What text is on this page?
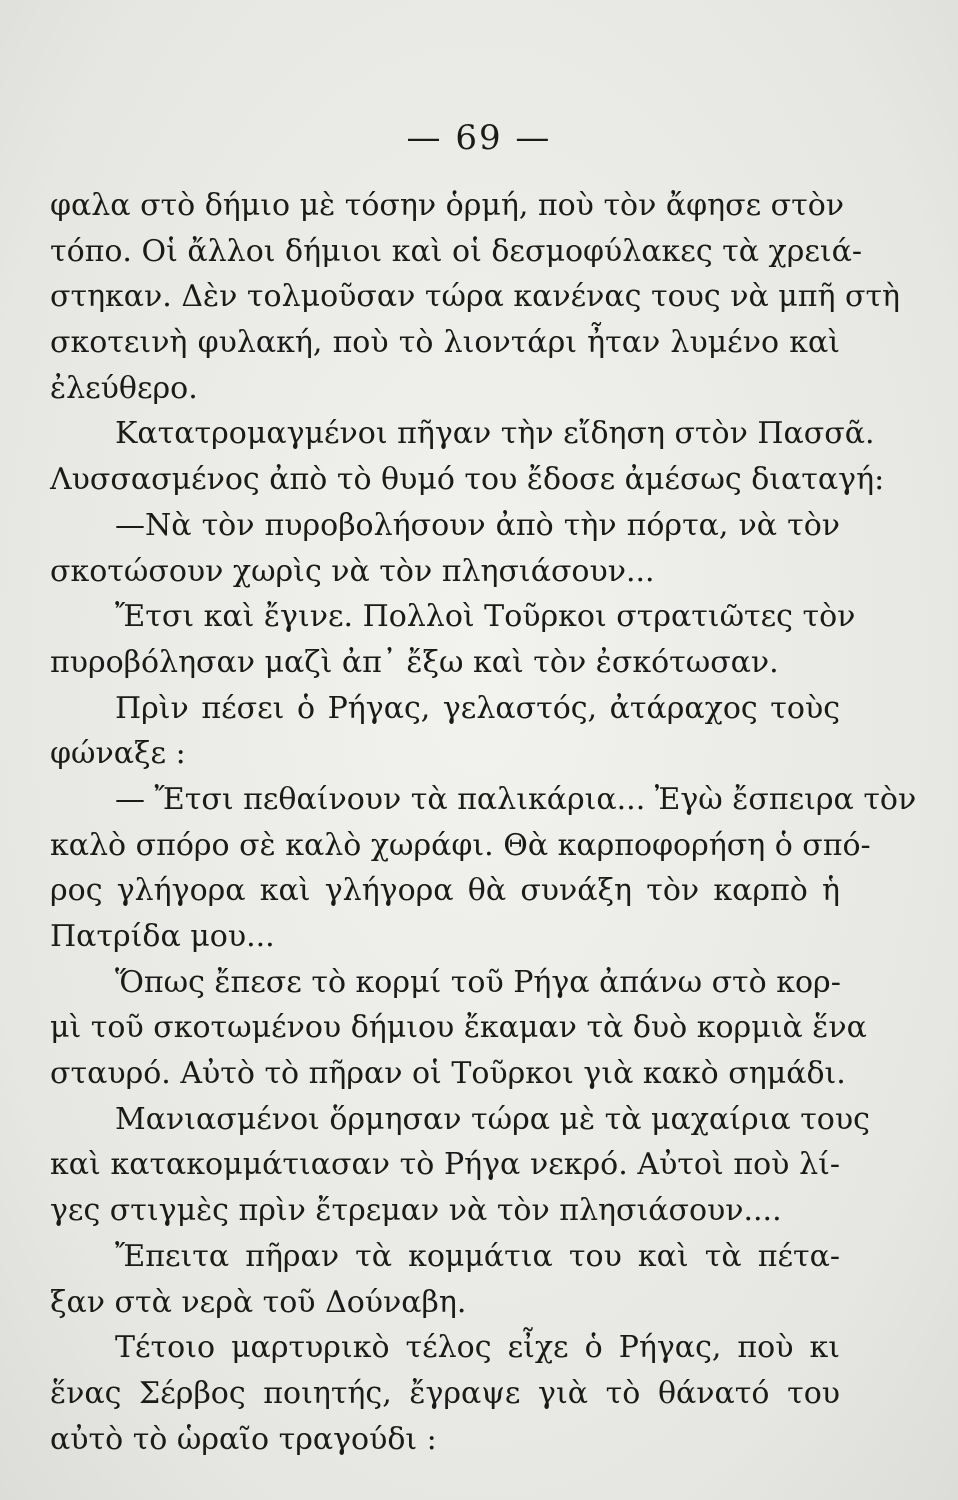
— 69 —
φαλα στὸ δήμιο μὲ τόσην ὁρμή, ποὺ τὸν ἄφησε στὸν
τόπο. Οἱ ἄλλοι δήμιοι καὶ οἱ δεσμοφύλακες τὰ χρειά-
στηκαν. Δὲν τολμοῦσαν τώρα κανένας τους νὰ μπῆ στὴ
σκοτεινὴ φυλακή, ποὺ τὸ λιοντάρι ἦταν λυμένο καὶ
ἐλεύθερο.
Κατατρομαγμένοι πῆγαν τὴν εἴδηση στὸν Πασσᾶ.
Λυσσασμένος ἀπὸ τὸ θυμό του ἔδοσε ἀμέσως διαταγή:
—Νὰ τὸν πυροβολήσουν ἀπὸ τὴν πόρτα, νὰ τὸν
σκοτώσουν χωρὶς νὰ τὸν πλησιάσουν...
Ἔτσι καὶ ἔγινε. Πολλοὶ Τοῦρκοι στρατιῶτες τὸν
πυροβόλησαν μαζὶ ἀπ᾽ ἔξω καὶ τὸν ἐσκότωσαν.
Πρὶν πέσει ὁ Ρήγας, γελαστός, ἀτάραχος τοὺς
φώναξε :
— Ἔτσι πεθαίνουν τὰ παλικάρια... Ἐγὼ ἔσπειρα τὸν
καλὸ σπόρο σὲ καλὸ χωράφι. Θὰ καρποφορήση ὁ σπό-
ρος γλήγορα καὶ γλήγορα θὰ συνάξη τὸν καρπὸ ἡ
Πατρίδα μου...
Ὅπως ἔπεσε τὸ κορμί τοῦ Ρήγα ἀπάνω στὸ κορ-
μὶ τοῦ σκοτωμένου δήμιου ἔκαμαν τὰ δυὸ κορμιὰ ἕνα
σταυρό. Αὐτὸ τὸ πῆραν οἱ Τοῦρκοι γιὰ κακὸ σημάδι.
Μανιασμένοι ὅρμησαν τώρα μὲ τὰ μαχαίρια τους
καὶ κατακομμάτιασαν τὸ Ρήγα νεκρό. Αὐτοὶ ποὺ λί-
γες στιγμὲς πρὶν ἔτρεμαν νὰ τὸν πλησιάσουν....
Ἔπειτα πῆραν τὰ κομμάτια του καὶ τὰ πέτα-
ξαν στὰ νερὰ τοῦ Δούναβη.
Τέτοιο μαρτυρικὸ τέλος εἶχε ὁ Ρήγας, ποὺ κι
ἕνας Σέρβος ποιητής, ἔγραψε γιὰ τὸ θάνατό του
αὐτὸ τὸ ὡραῖο τραγούδι :
